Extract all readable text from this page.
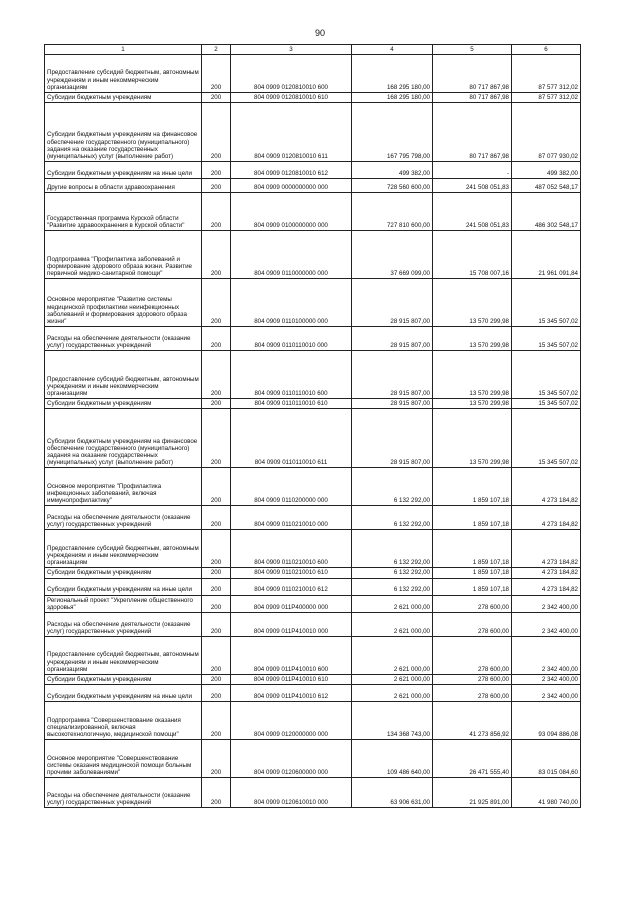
90
1	2	3	4	5	6
Предоставление субсидий бюджетным, автономным учреждениям и иным некоммерческим организациям	200	804 0909 0120810010 600	168 295 180,00	80 717 867,98	87 577 312,02
Субсидии бюджетным учреждениям	200	804 0909 0120810010 610	168 295 180,00	80 717 867,98	87 577 312,02
Субсидии бюджетным учреждениям на финансовое обеспечение государственного (муниципального) задания на оказание государственных (муниципальных) услуг (выполнение работ)	200	804 0909 0120810010 611	167 795 798,00	80 717 867,98	87 077 930,02
Субсидии бюджетным учреждениям на иные цели	200	804 0909 0120810010 612	499 382,00	-	499 382,00
Другие вопросы в области здравоохранения	200	804 0909 0000000000 000	728 560 600,00	241 508 051,83	487 052 548,17
Государственная программа Курской области "Развитие здравоохранения в Курской области"	200	804 0909 0100000000 000	727 810 600,00	241 508 051,83	486 302 548,17
Подпрограмма "Профилактика заболеваний и формирование здорового образа жизни. Развитие первичной медико-санитарной помощи"	200	804 0909 0110000000 000	37 669 099,00	15 708 007,16	21 961 091,84
Основное мероприятие "Развитие системы медицинской профилактики неинфекционных заболеваний и формирования здорового образа жизни"	200	804 0909 0110100000 000	28 915 807,00	13 570 299,98	15 345 507,02
Расходы на обеспечение деятельности (оказание услуг) государственных учреждений	200	804 0909 0110110010 000	28 915 807,00	13 570 299,98	15 345 507,02
Предоставление субсидий бюджетным, автономным учреждениям и иным некоммерческим организациям	200	804 0909 0110110010 600	28 915 807,00	13 570 299,98	15 345 507,02
Субсидии бюджетным учреждениям	200	804 0909 0110110010 610	28 915 807,00	13 570 299,98	15 345 507,02
Субсидии бюджетным учреждениям на финансовое обеспечение государственного (муниципального) задания на оказание государственных (муниципальных) услуг (выполнение работ)	200	804 0909 0110110010 611	28 915 807,00	13 570 299,98	15 345 507,02
Основное мероприятие "Профилактика инфекционных заболеваний, включая иммунопрофилактику"	200	804 0909 0110200000 000	6 132 292,00	1 859 107,18	4 273 184,82
Расходы на обеспечение деятельности (оказание услуг) государственных учреждений	200	804 0909 0110210010 000	6 132 292,00	1 859 107,18	4 273 184,82
Предоставление субсидий бюджетным, автономным учреждениям и иным некоммерческим организациям	200	804 0909 0110210010 600	6 132 292,00	1 859 107,18	4 273 184,82
Субсидии бюджетным учреждениям	200	804 0909 0110210010 610	6 132 292,00	1 859 107,18	4 273 184,82
Субсидии бюджетным учреждениям на иные цели	200	804 0909 0110210010 612	6 132 292,00	1 859 107,18	4 273 184,82
Региональный проект "Укрепление общественного здоровья"	200	804 0909 011P400000 000	2 621 000,00	278 600,00	2 342 400,00
Расходы на обеспечение деятельности (оказание услуг) государственных учреждений	200	804 0909 011P410010 000	2 621 000,00	278 600,00	2 342 400,00
Предоставление субсидий бюджетным, автономным учреждениям и иным некоммерческим организациям	200	804 0909 011P410010 600	2 621 000,00	278 600,00	2 342 400,00
Субсидии бюджетным учреждениям	200	804 0909 011P410010 610	2 621 000,00	278 600,00	2 342 400,00
Субсидии бюджетным учреждениям на иные цели	200	804 0909 011P410010 612	2 621 000,00	278 600,00	2 342 400,00
Подпрограмма "Совершенствование оказания специализированной, включая высокотехнологичную, медицинской помощи"	200	804 0909 0120000000 000	134 368 743,00	41 273 856,92	93 094 886,08
Основное мероприятие "Совершенствование системы оказания медицинской помощи больным прочими заболеваниями"	200	804 0909 0120600000 000	109 486 640,00	26 471 555,40	83 015 084,60
Расходы на обеспечение деятельности (оказание услуг) государственных учреждений	200	804 0909 0120610010 000	63 906 631,00	21 925 891,00	41 980 740,00
